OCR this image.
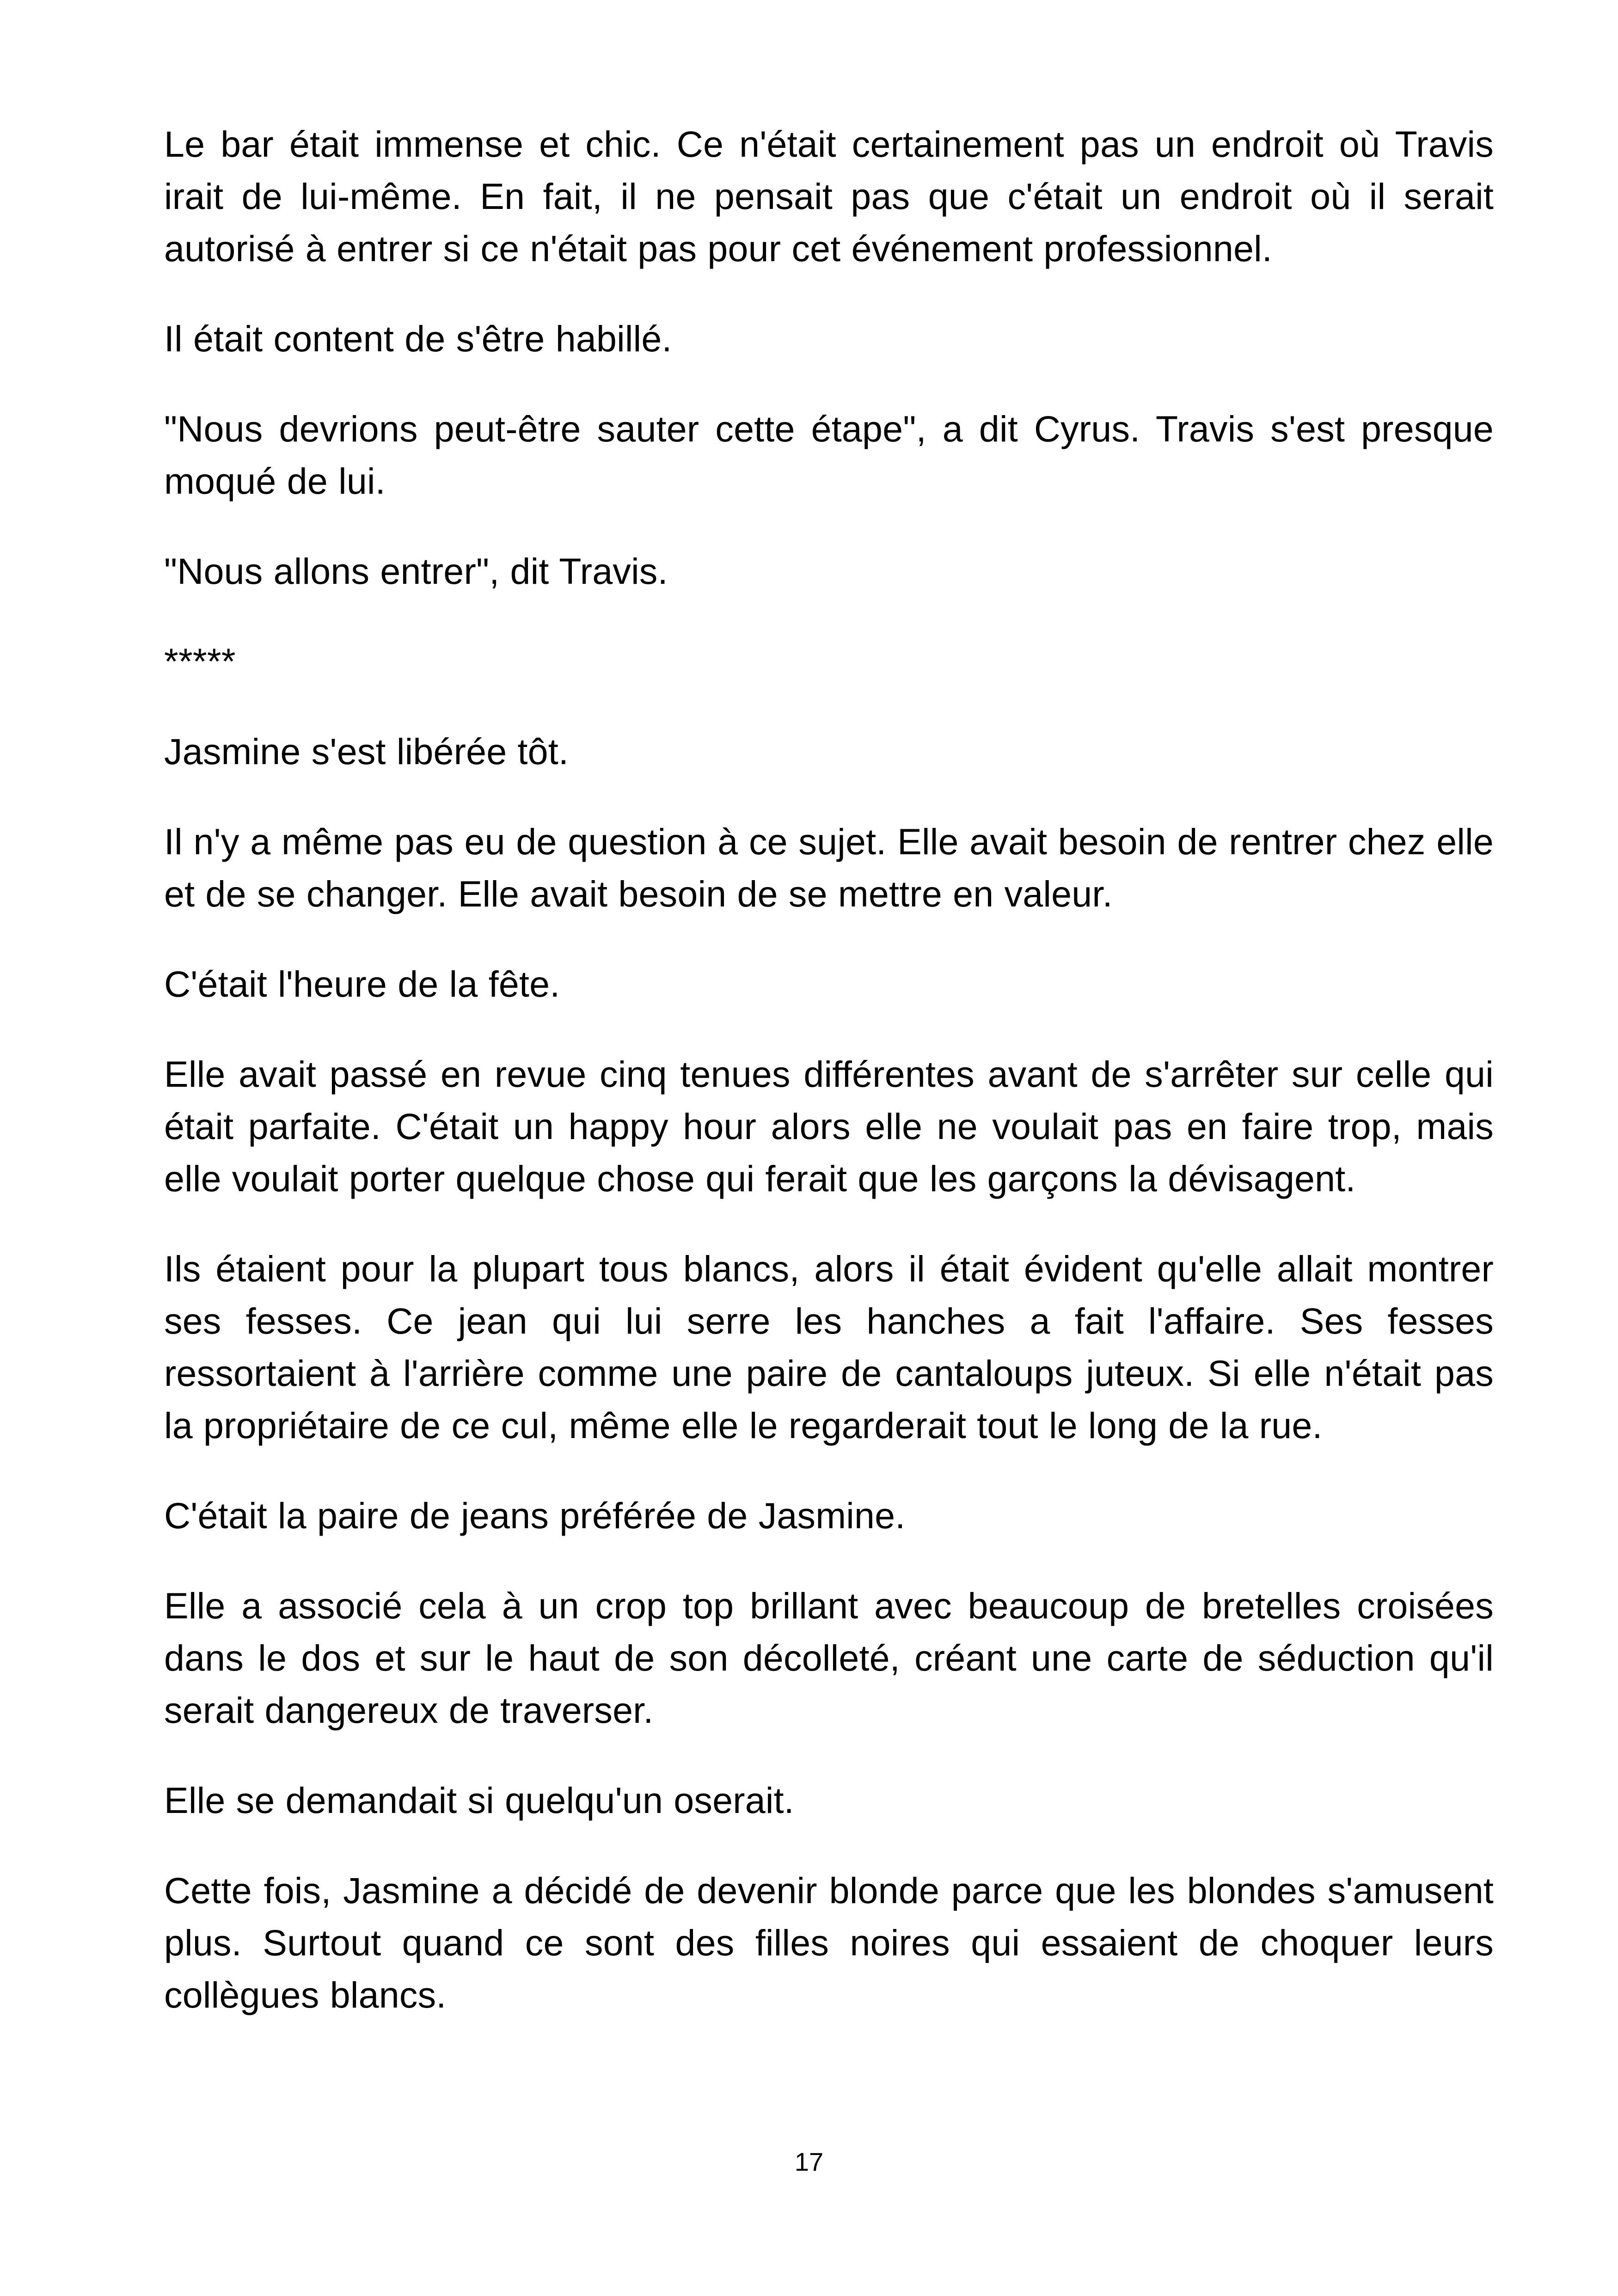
Le bar était immense et chic. Ce n'était certainement pas un endroit où Travis irait de lui-même. En fait, il ne pensait pas que c'était un endroit où il serait autorisé à entrer si ce n'était pas pour cet événement professionnel.

Il était content de s'être habillé.

"Nous devrions peut-être sauter cette étape", a dit Cyrus. Travis s'est presque moqué de lui.

"Nous allons entrer", dit Travis.

*****

Jasmine s'est libérée tôt.

Il n'y a même pas eu de question à ce sujet. Elle avait besoin de rentrer chez elle et de se changer. Elle avait besoin de se mettre en valeur.

C'était l'heure de la fête.

Elle avait passé en revue cinq tenues différentes avant de s'arrêter sur celle qui était parfaite. C'était un happy hour alors elle ne voulait pas en faire trop, mais elle voulait porter quelque chose qui ferait que les garçons la dévisagent.

Ils étaient pour la plupart tous blancs, alors il était évident qu'elle allait montrer ses fesses. Ce jean qui lui serre les hanches a fait l'affaire. Ses fesses ressortaient à l'arrière comme une paire de cantaloups juteux. Si elle n'était pas la propriétaire de ce cul, même elle le regarderait tout le long de la rue.

C'était la paire de jeans préférée de Jasmine.

Elle a associé cela à un crop top brillant avec beaucoup de bretelles croisées dans le dos et sur le haut de son décolleté, créant une carte de séduction qu'il serait dangereux de traverser.

Elle se demandait si quelqu'un oserait.

Cette fois, Jasmine a décidé de devenir blonde parce que les blondes s'amusent plus. Surtout quand ce sont des filles noires qui essaient de choquer leurs collègues blancs.

17
